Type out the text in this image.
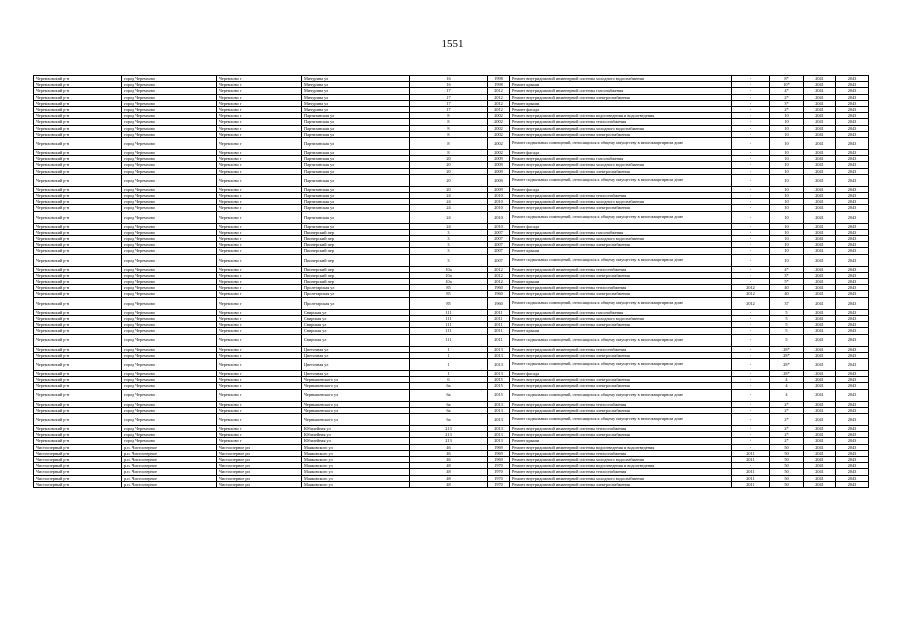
1551
Черемховский р-н	город Черемхово	Черемхово г	Мичурина ул	16	1998	Ремонт внутридомовой инженерной системы холодного водоснабжения	-	8*	2041	2043
Черемховский р-н	город Черемхово	Черемхово г	Мичурина ул	16	1998	Ремонт крыши	-	10*	2041	2043
Черемховский р-н	город Черемхово	Черемхово г	Мичурина ул	17	2012	Ремонт внутридомовой инженерной системы газоснабжения	-	4*	2041	2043
Черемховский р-н	город Черемхово	Черемхово г	Мичурина ул	17	2012	Ремонт внутридомовой инженерной системы электроснабжения	-	2*	2041	2043
Черемховский р-н	город Черемхово	Черемхово г	Мичурина ул	17	2012	Ремонт крыши	-	3*	2041	2043
Черемховский р-н	город Черемхово	Черемхово г	Мичурина ул	17	2012	Ремонт фасада	-	2*	2041	2043
Черемховский р-н	город Черемхово	Черемхово г	Партизанская ул	8	2002	Ремонт внутридомовой инженерной системы водоотведения и водоотведения	-	10	2041	2043
Черемховский р-н	город Черемхово	Черемхово г	Партизанская ул	8	2002	Ремонт внутридомовой инженерной системы теплоснабжения	-	10	2041	2043
Черемховский р-н	город Черемхово	Черемхово г	Партизанская ул	8	2002	Ремонт внутридомовой инженерной системы холодного водоснабжения	-	10	2041	2043
Черемховский р-н	город Черемхово	Черемхово г	Партизанская ул	8	2002	Ремонт внутридомовой инженерной системы электроснабжения	-	10	2041	2043
Черемховский р-н	город Черемхово	Черемхово г	Партизанская ул	8	2002	Ремонт подвальных помещений, относящихся к общему имуществу в многоквартирном доме	-	10	2041	2043
Черемховский р-н	город Черемхово	Черемхово г	Партизанская ул	8	2002	Ремонт фасада	-	10	2041	2043
Черемховский р-н	город Черемхово	Черемхово г	Партизанская ул	20	2009	Ремонт внутридомовой инженерной системы газоснабжения	-	10	2041	2043
Черемховский р-н	город Черемхово	Черемхово г	Партизанская ул	20	2009	Ремонт внутридомовой инженерной системы холодного водоснабжения	-	10	2041	2043
Черемховский р-н	город Черемхово	Черемхово г	Партизанская ул	20	2009	Ремонт внутридомовой инженерной системы электроснабжения	-	10	2041	2043
Черемховский р-н	город Черемхово	Черемхово г	Партизанская ул	20	2009	Ремонт подвальных помещений, относящихся к общему имуществу в многоквартирном доме	-	10	2041	2043
Черемховский р-н	город Черемхово	Черемхово г	Партизанская ул	20	2009	Ремонт фасада	-	10	2041	2043
Черемховский р-н	город Черемхово	Черемхово г	Партизанская ул	24	2010	Ремонт внутридомовой инженерной системы теплоснабжения	-	10	2041	2043
Черемховский р-н	город Черемхово	Черемхово г	Партизанская ул	24	2010	Ремонт внутридомовой инженерной системы холодного водоснабжения	-	10	2041	2043
Черемховский р-н	город Черемхово	Черемхово г	Партизанская ул	24	2010	Ремонт внутридомовой инженерной системы электроснабжения	-	10	2041	2043
Черемховский р-н	город Черемхово	Черемхово г	Партизанская ул	24	2010	Ремонт подвальных помещений, относящихся к общему имуществу в многоквартирном доме	-	10	2041	2043
Черемховский р-н	город Черемхово	Черемхово г	Партизанская ул	24	2010	Ремонт фасада	-	10	2041	2043
Черемховский р-н	город Черемхово	Черемхово г	Пионерский пер	3	2007	Ремонт внутридомовой инженерной системы газоснабжения	-	10	2041	2043
Черемховский р-н	город Черемхово	Черемхово г	Пионерский пер	3	2007	Ремонт внутридомовой инженерной системы холодного водоснабжения	-	10	2041	2043
Черемховский р-н	город Черемхово	Черемхово г	Пионерский пер	3	2007	Ремонт внутридомовой инженерной системы электроснабжения	-	10	2041	2043
Черемховский р-н	город Черемхово	Черемхово г	Пионерский пер	3	2007	Ремонт крыши	-	10	2041	2043
Черемховский р-н	город Черемхово	Черемхово г	Пионерский пер	3	2007	Ремонт подвальных помещений, относящихся к общему имуществу в многоквартирном доме	-	10	2041	2043
Черемховский р-н	город Черемхово	Черемхово г	Пионерский пер	10а	2012	Ремонт внутридомовой инженерной системы теплоснабжения	-	4*	2041	2043
Черемховский р-н	город Черемхово	Черемхово г	Пионерский пер	10а	2012	Ремонт внутридомовой инженерной системы электроснабжения	-	3*	2041	2043
Черемховский р-н	город Черемхово	Черемхово г	Пионерский пер	10а	2012	Ремонт крыши	-	5*	2041	2043
Черемховский р-н	город Черемхово	Черемхово г	Пролетарская ул	85	1960	Ремонт внутридомовой инженерной системы теплоснабжения	2012	40	2041	2043
Черемховский р-н	город Черемхово	Черемхово г	Пролетарская ул	85	1960	Ремонт внутридомовой инженерной системы электроснабжения	2012	40	2041	2043
Черемховский р-н	город Черемхово	Черемхово г	Пролетарская ул	85	1960	Ремонт подвальных помещений, относящихся к общему имуществу в многоквартирном доме	2012	37	2041	2043
Черемховский р-н	город Черемхово	Черемхово г	Свирская ул	111	2011	Ремонт внутридомовой инженерной системы газоснабжения	-	5	2041	2043
Черемховский р-н	город Черемхово	Черемхово г	Свирская ул	111	2011	Ремонт внутридомовой инженерной системы холодного водоснабжения	-	5	2041	2043
Черемховский р-н	город Черемхово	Черемхово г	Свирская ул	111	2011	Ремонт внутридомовой инженерной системы электроснабжения	-	5	2041	2043
Черемховский р-н	город Черемхово	Черемхово г	Свирская ул	111	2011	Ремонт крыши	-	5	2041	2043
Черемховский р-н	город Черемхово	Черемхово г	Свирская ул	111	2011	Ремонт подвальных помещений, относящихся к общему имуществу в многоквартирном доме	-	5	2041	2043
Черемховский р-н	город Черемхово	Черемхово г	Цветочная ул	1	2013	Ремонт внутридомовой инженерной системы теплоснабжения	-	28*	2041	2043
Черемховский р-н	город Черемхово	Черемхово г	Цветочная ул	1	2013	Ремонт внутридомовой инженерной системы электроснабжения	-	28*	2041	2043
Черемховский р-н	город Черемхово	Черемхово г	Цветочная ул	1	2013	Ремонт подвальных помещений, относящихся к общему имуществу в многоквартирном доме	-	28*	2041	2043
Черемховский р-н	город Черемхово	Черемхово г	Цветочная ул	1	2013	Ремонт фасада	-	28*	2041	2043
Черемховский р-н	город Черемхово	Черемхово г	Чернышевского ул	6	2015	Ремонт внутридомовой инженерной системы электроснабжения	-	4	2041	2043
Черемховский р-н	город Черемхово	Черемхово г	Чернышевского ул	6а	2015	Ремонт внутридомовой инженерной системы электроснабжения	-	4	2041	2043
Черемховский р-н	город Черемхово	Черемхово г	Чернышевского ул	6а	2015	Ремонт подвальных помещений, относящихся к общему имуществу в многоквартирном доме	-	4	2041	2043
Черемховский р-н	город Черемхово	Черемхово г	Чернышевского ул	6а	2013	Ремонт внутридомовой инженерной системы теплоснабжения	-	2*	2041	2043
Черемховский р-н	город Черемхово	Черемхово г	Чернышевского ул	6а	2013	Ремонт внутридомовой инженерной системы электроснабжения	-	2*	2041	2043
Черемховский р-н	город Черемхово	Черемхово г	Чернышевского ул	6а	2013	Ремонт подвальных помещений, относящихся к общему имуществу в многоквартирном доме	-	2*	2041	2043
Черемховский р-н	город Черемхово	Черемхово г	Юбилейная ул	213	2013	Ремонт внутридомовой инженерной системы теплоснабжения	-	2*	2041	2043
Черемховский р-н	город Черемхово	Черемхово г	Юбилейная ул	213	2013	Ремонт внутридомовой инженерной системы электроснабжения	-	2*	2041	2043
Черемховский р-н	город Черемхово	Черемхово г	Юбилейная ул	213	2013	Ремонт крыши	-	2*	2041	2043
Чистоозерный р-н	р.п. Чистоозерное	Чистоозерное рп	Маяковского ул	46	1969	Ремонт внутридомовой инженерной системы водоотведения и водоотведения	-	50	2041	2043
Чистоозерный р-н	р.п. Чистоозерное	Чистоозерное рп	Маяковского ул	46	1969	Ремонт внутридомовой инженерной системы теплоснабжения	2011	50	2041	2043
Чистоозерный р-н	р.п. Чистоозерное	Чистоозерное рп	Маяковского ул	46	1969	Ремонт внутридомовой инженерной системы холодного водоснабжения	2011	50	2041	2043
Чистоозерный р-н	р.п. Чистоозерное	Чистоозерное рп	Маяковского ул	48	1970	Ремонт внутридомовой инженерной системы водоотведения и водоотведения	-	50	2041	2043
Чистоозерный р-н	р.п. Чистоозерное	Чистоозерное рп	Маяковского ул	48	1970	Ремонт внутридомовой инженерной системы теплоснабжения	2011	50	2041	2043
Чистоозерный р-н	р.п. Чистоозерное	Чистоозерное рп	Маяковского ул	48	1970	Ремонт внутридомовой инженерной системы холодного водоснабжения	2011	50	2041	2043
Чистоозерный р-н	р.п. Чистоозерное	Чистоозерное рп	Маяковского ул	48	1970	Ремонт внутридомовой инженерной системы электроснабжения	2011	50	2041	2043
